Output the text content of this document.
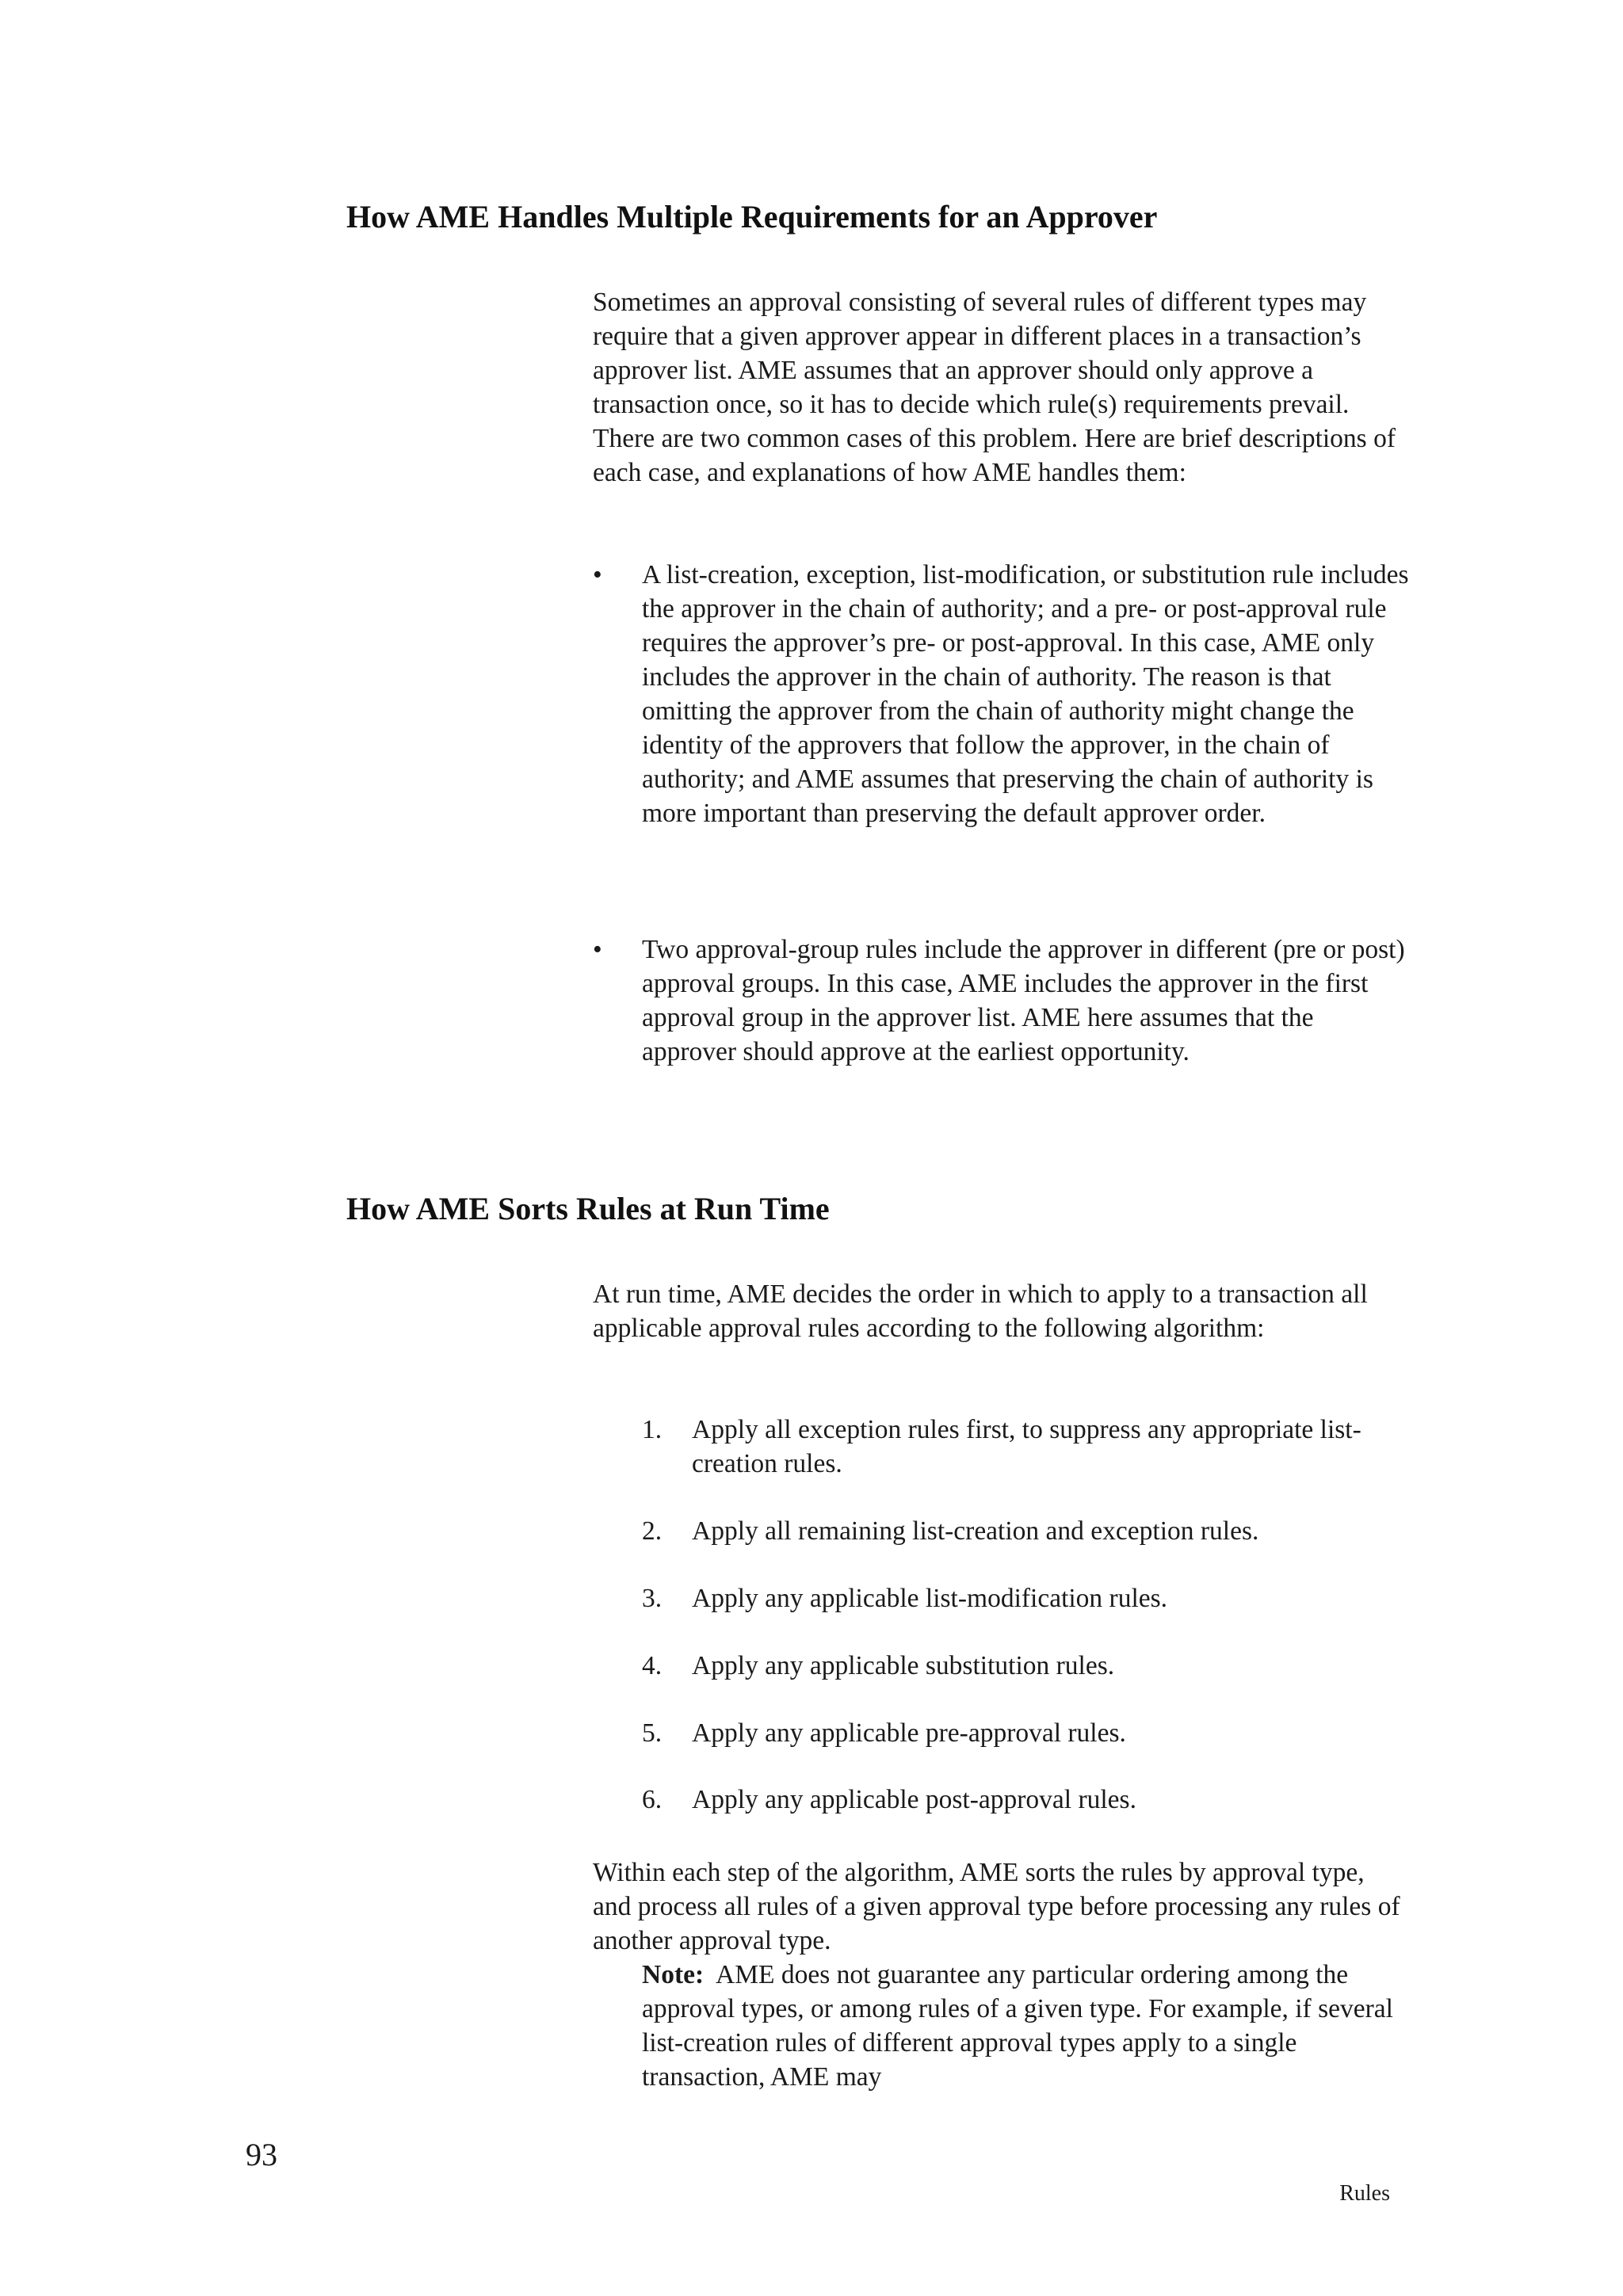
How AME Handles Multiple Requirements for an Approver

Sometimes an approval consisting of several rules of different types may require that a given approver appear in different places in a transaction’s approver list. AME assumes that an approver should only approve a transaction once, so it has to decide which rule(s) requirements prevail. There are two common cases of this problem. Here are brief descriptions of each case, and explanations of how AME handles them:

• A list-creation, exception, list-modification, or substitution rule includes the approver in the chain of authority; and a pre- or post-approval rule requires the approver’s pre- or post-approval. In this case, AME only includes the approver in the chain of authority. The reason is that omitting the approver from the chain of authority might change the identity of the approvers that follow the approver, in the chain of authority; and AME assumes that preserving the chain of authority is more important than preserving the default approver order.

• Two approval-group rules include the approver in different (pre or post) approval groups. In this case, AME includes the approver in the first approval group in the approver list. AME here assumes that the approver should approve at the earliest opportunity.

How AME Sorts Rules at Run Time

At run time, AME decides the order in which to apply to a transaction all applicable approval rules according to the following algorithm:

1. Apply all exception rules first, to suppress any appropriate list-creation rules.

2. Apply all remaining list-creation and exception rules.

3. Apply any applicable list-modification rules.

4. Apply any applicable substitution rules.

5. Apply any applicable pre-approval rules.

6. Apply any applicable post-approval rules.

Within each step of the algorithm, AME sorts the rules by approval type, and process all rules of a given approval type before processing any rules of another approval type.

Note: AME does not guarantee any particular ordering among the approval types, or among rules of a given type. For example, if several list-creation rules of different approval types apply to a single transaction, AME may

93

Rules
